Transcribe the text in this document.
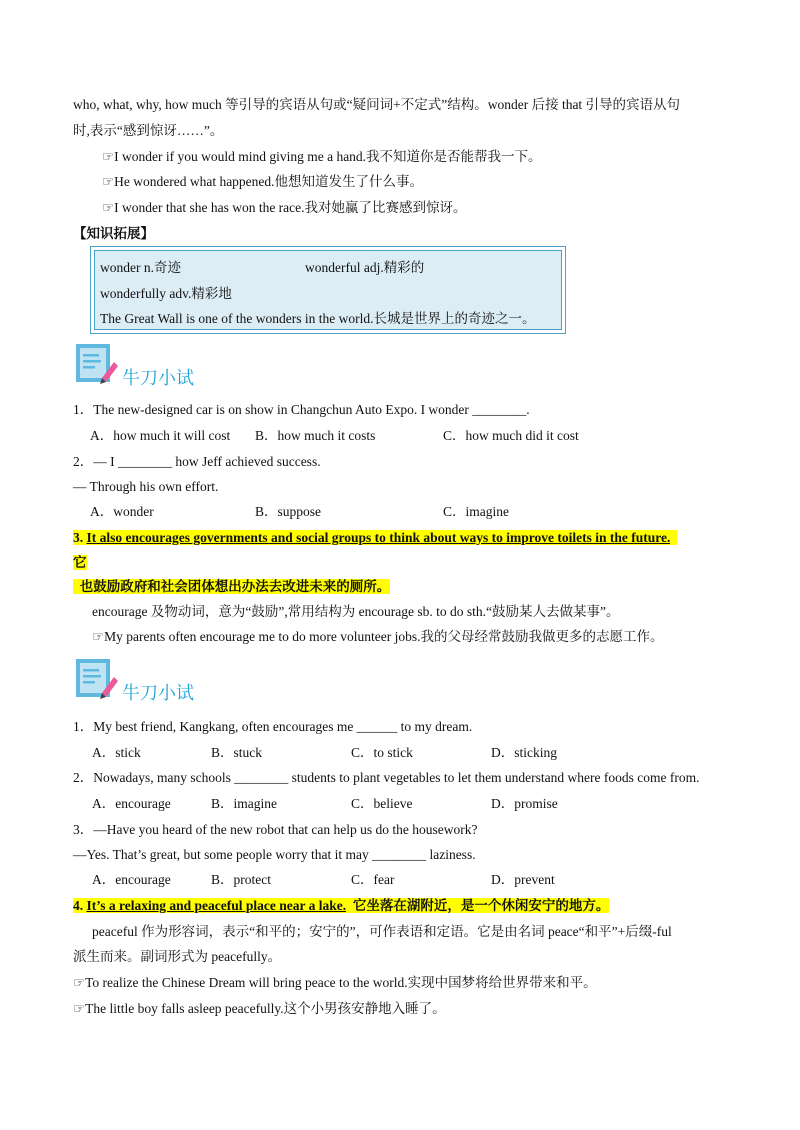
who, what, why, how much 等引导的宾语从句或“疑问词+不定式”结构。wonder 后接 that 引导的宾语从句
时,表示“感到惊讶……”。
☞I wonder if you would mind giving me a hand.我不知道你是否能帮我一下。
☞He wondered what happened.他想知道发生了什么事。
☞I wonder that she has won the race.我对她赢了比赛感到惊讶。
【知识拓展】
wonder n.奇迹	wonderful adj.精彩的
wonderfully adv.精彩地
The Great Wall is one of the wonders in the world.长城是世界上的奇迹之一。
牛刀小试
1．The new-designed car is on show in Changchun Auto Expo. I wonder ________.
A．how much it will cost B．how much it costs	C．how much did it cost
2．— I ________ how Jeff achieved success.
— Through his own effort.
A．wonder	B．suppose	C．imagine
3. It also encourages governments and social groups to think about ways to improve toilets in the future.
它
也鼓励政府和社会团体想出办法去改进未来的厕所。
encourage 及物动词，意为“鼓励”,常用结构为 encourage sb. to do sth.“鼓励某人去做某事”。
☞My parents often encourage me to do more volunteer jobs.我的父母经常鼓励我做更多的志愿工作。
牛刀小试
1．My best friend, Kangkang, often encourages me ______ to my dream.
A．stick	B．stuck	C．to stick	D．sticking
2．Nowadays, many schools ________ students to plant vegetables to let them understand where foods come from.
A．encourage	B．imagine	C．believe	D．promise
3．—Have you heard of the new robot that can help us do the housework?
—Yes. That’s great, but some people worry that it may ________ laziness.
A．encourage	B．protect	C．fear	D．prevent
4. It’s a relaxing and peaceful place near a lake. 它坐落在湖附近，是一个休闲安宁的地方。
peaceful 作为形容词，表示“和平的；安宁的”，可作表语和定语。它是由名词 peace“和平”+后缀-ful
派生而来。副词形式为 peacefully。
☞To realize the Chinese Dream will bring peace to the world.实现中国梦将给世界带来和平。
☞The little boy falls asleep peacefully.这个小男孩安静地入睡了。
